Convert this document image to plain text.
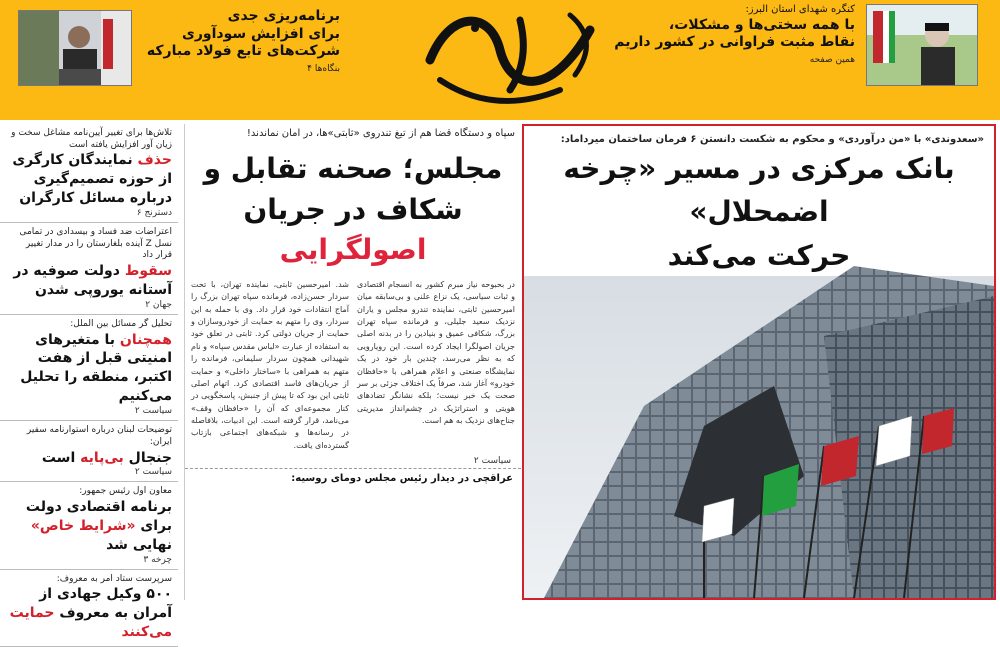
برنامه‌ریزی جدی
برای افزایش سودآوری
شرکت‌های تابع فولاد مبارکه
بنگاه‌ها ۴
کنگره شهدای استان البرز:
با همه سختی‌ها و مشکلات،
نقاط مثبت فراوانی در کشور داریم
همین صفحه
«سعدوندی» با «من درآوردی» و محکوم به شکست دانستن ۶ فرمان ساختمان میرداماد:
بانک مرکزی در مسیر «چرخه اضمحلال»
حرکت می‌کند
سپاه و دستگاه قضا هم از تیغ تندروی «ثابتی»ها، در امان نماندند!
مجلس؛ صحنه تقابل و
شکاف در جریان اصولگرایی
در بحبوحه نیاز مبرم کشور به انسجام اقتصادی و ثبات سیاسی، یک نزاع علنی و بی‌سابقه میان امیرحسین ثابتی، نماینده تندرو مجلس و یاران نزدیک سعید جلیلی، و فرمانده سپاه تهران بزرگ، شکافی عمیق و بنیادین را در بدنه اصلی جریان اصولگرا ایجاد کرده است. این رویارویی که به نظر می‌رسد، چندین بار خود در یک نمایشگاه صنعتی و اعلام همراهی با «حافظان خودرو» آغاز شد، صرفاً یک اختلاف جزئی بر سر صحت یک خبر نیست؛ بلکه نشانگر تضادهای هویتی و استراتژیک در چشم‌انداز مدیریتی جناح‌های نزدیک به هم است.
شد. امیرحسین ثابتی، نماینده تهران، با تحت سردار حسن‌زاده، فرمانده سپاه تهران بزرگ را آماج انتقادات خود قرار داد. وی با حمله به این سردار، وی را متهم به حمایت از خودروسازان و حمایت از جریان دولتی کرد. ثابتی در تعلق خود به استفاده از عبارت «لباس مقدس سپاه» و نام شهیدانی همچون سردار سلیمانی، فرمانده را متهم به همراهی با «ساختار داخلی» و حمایت از جریان‌های فاسد اقتصادی کرد. اتهام اصلی ثابتی این بود که تا پیش از جنبش، پاسخگویی در کنار مجموعه‌ای که آن را «حافظان وقف» می‌نامد، قرار گرفته است. این ادبیات، بلافاصله در رسانه‌ها و شبکه‌های اجتماعی بازتاب گسترده‌ای یافت.
سیاست ۲
عراقچی در دیدار رئیس مجلس دومای روسیه:
تلاش‌ها برای تغییر آیین‌نامه مشاغل سخت و زیان آور افزایش یافته است
حذف نمایندگان کارگری از حوزه تصمیم‌گیری درباره مسائل کارگران
دسترنج ۶
اعتراضات ضد فساد و بیسدادی در تمامی نسل Z آینده بلغارستان را در مدار تغییر قرار داد
سقوط دولت صوفیه در آستانه یوروپی شدن
جهان ۲
تحلیل گر مسائل بین الملل:
همچنان با متغیرهای امنیتی قبل از هفت اکتبر، منطقه را تحلیل می‌کنیم
سیاست ۲
توضیحات لبنان درباره استوارنامه سفیر ایران:
جنجال بی‌پایه است
سیاست ۲
معاون اول رئیس جمهور:
برنامه اقتصادی دولت برای «شرایط خاص» نهایی شد
چرخه ۳
سرپرست ستاد امر به معروف:
۵۰۰ وکیل جهادی از آمران به معروف حمایت می‌کنند
